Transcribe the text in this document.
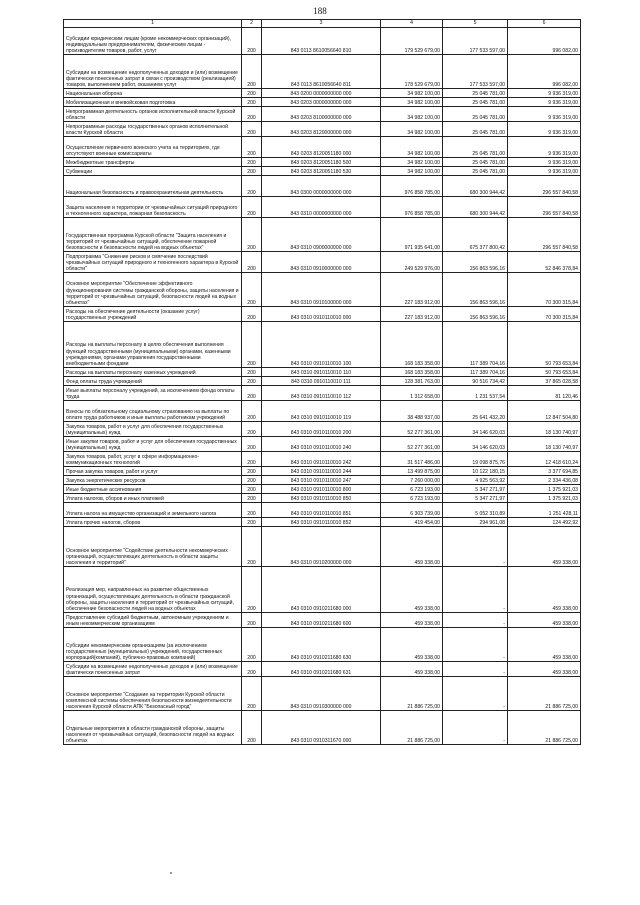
188
1	2	3	4	5	6
Субсидии юридическим лицам (кроме некоммерческих организаций), индивидуальным предпринимателям, физическим лицам - производителям товаров, работ, услуг	200	843 0113 8610056640 810	179 529 679,00	177 533 597,00	996 082,00
Субсидии на возмещение недополученных доходов и (или) возмещение фактически понесенных затрат в связи с производством (реализацией) товаров, выполнением работ, оказанием услуг	200	843 0113 8610056640 811	178 529 679,00	177 533 597,00	996 082,00
Национальная оборона	200	843 0200 0000000000 000	34 982 100,00	25 045 781,00	9 936 319,00
Мобилизационная и вневойсковая подготовка	200	843 0203 0000000000 000	34 982 100,00	25 045 781,00	9 936 319,00
Непрограммная деятельность органов исполнительной власти Курской области	200	843 0203 8100000000 000	34 982 100,00	25 045 781,00	9 936 319,00
Непрограммные расходы государственных органов исполнительной власти Курской области	200	843 0203 8120000000 000	34 982 100,00	25 045 781,00	9 936 319,00
Осуществление первичного воинского учета на территориях, где отсутствуют военные комиссариаты	200	843 0203 8120051180 000	34 982 100,00	25 045 781,00	9 936 319,00
Межбюджетные трансферты	200	843 0203 8120051180 500	34 982 100,00	25 045 781,00	9 936 319,00
Субвенции	200	843 0203 8120051180 530	34 982 100,00	25 045 781,00	9 936 319,00
Национальная безопасность и правоохранительная деятельность	200	843 0300 0000000000 000	976 858 785,00	680 300 944,42	296 557 840,58
Защита населения и территории от чрезвычайных ситуаций природного и техногенного характера, пожарная безопасность	200	843 0310 0000000000 000	976 858 785,00	680 300 944,42	296 557 840,58
Государственная программа Курской области "Защита населения и территорий от чрезвычайных ситуаций, обеспечение пожарной безопасности и безопасности людей на водных объектах"	200	843 0310 0900000000 000	971 935 641,00	675 377 800,42	296 557 840,58
Подпрограмма "Снижение рисков и смягчение последствий чрезвычайных ситуаций природного и техногенного характера в Курской области"	200	843 0310 0910000000 000	249 529 976,00	156 863 596,16	52 846 378,84
Основное мероприятие "Обеспечение эффективного функционирования системы гражданской обороны, защиты населения и территорий от чрезвычайных ситуаций, безопасности людей на водных объектах"	200	843 0310 0910100000 000	227 183 912,00	156 863 596,16	70 300 315,84
Расходы на обеспечение деятельности (оказание услуг) государственных учреждений	200	843 0310 0910110010 000	227 183 912,00	156 863 596,16	70 300 315,84
Расходы на выплаты персоналу в целях обеспечения выполнения функций государственными (муниципальными) органами, казенными учреждениями, органами управления государственными внебюджетными фондами	200	843 0310 0910110010 100	168 183 358,00	117 389 704,16	50 793 653,84
Расходы на выплаты персоналу казенных учреждений	200	843 0310 0910110010 110	168 183 358,00	117 389 704,16	50 793 653,84
Фонд оплаты труда учреждений	200	843 0310 0910110010 111	128 381 763,00	90 516 734,42	37 865 028,58
Иные выплаты персоналу учреждений, за исключением фонда оплаты труда	200	843 0310 0910110010 112	1 312 658,00	1 231 537,54	81 120,46
Взносы по обязательному социальному страхованию на выплаты по оплате труда работников и иные выплаты работникам учреждений	200	843 0310 0910110010 119	38 488 937,00	25 641 432,20	12 847 504,80
Закупка товаров, работ и услуг для обеспечения государственных (муниципальных) нужд	200	843 0310 0910110010 200	52 277 361,00	34 146 620,03	18 130 740,97
Иные закупки товаров, работ и услуг для обеспечения государственных (муниципальных) нужд	200	843 0310 0910110010 240	52 277 361,00	34 146 620,03	18 130 740,97
Закупка товаров, работ, услуг в сфере информационно-коммуникационных технологий	200	843 0310 0910110010 242	31 517 486,00	19 098 875,76	12 418 610,24
Прочая закупка товаров, работ и услуг	200	843 0310 0910110010 244	13 499 875,00	10 122 180,15	3 377 694,85
Закупка энергетических ресурсов	200	843 0310 0910110010 247	7 260 000,00	4 925 563,92	2 334 436,08
Иные бюджетные ассигнования	200	843 0310 0910110010 800	6 723 193,00	5 347 271,97	1 375 921,03
Уплата налогов, сборов и иных платежей	200	843 0310 0910110010 850	6 723 193,00	5 347 271,97	1 375 921,03
Уплата налога на имущество организаций и земельного налога	200	843 0310 0910110010 851	6 303 739,00	5 052 310,89	1 251 428,11
Уплата прочих налогов, сборов	200	843 0310 0910110010 852	419 454,00	294 961,08	124 492,92
Основное мероприятие "Содействие деятельности некоммерческих организаций, осуществляющих деятельность в области защиты населения и территорий"	200	843 0310 0910200000 000	459 338,00	-	459 338,00
Реализация мер, направленных на развитие общественных организаций, осуществляющих деятельность в области гражданской обороны, защиты населения и территорий от чрезвычайных ситуаций, обеспечение безопасности людей на водных объектах	200	843 0310 0910211680 000	459 338,00	-	459 338,00
Предоставление субсидий бюджетным, автономным учреждениям и иным некоммерческим организациям	200	843 0310 0910211680 600	459 338,00	-	459 338,00
Субсидии некоммерческим организациям (за исключением государственных (муниципальных) учреждений, государственных корпораций(компаний), публично-правовых компаний)	200	843 0310 0910211680 630	459 338,00	-	459 338,00
Субсидии на возмещение недополученных доходов и (или) возмещение фактически понесенных затрат	200	843 0310 0910211680 631	459 338,00	-	459 338,00
Основное мероприятие "Создание на территории Курской области комплексной системы обеспечения безопасности жизнедеятельности населения Курской области АПК "Безопасный город"	200	843 0310 0910300000 000	21 886 725,00	-	21 886 725,00
Отдельные мероприятия в области гражданской обороны, защиты населения от чрезвычайных ситуаций, безопасности людей на водных объектах	200	843 0310 0910311670 000	21 886 725,00	-	21 886 725,00
